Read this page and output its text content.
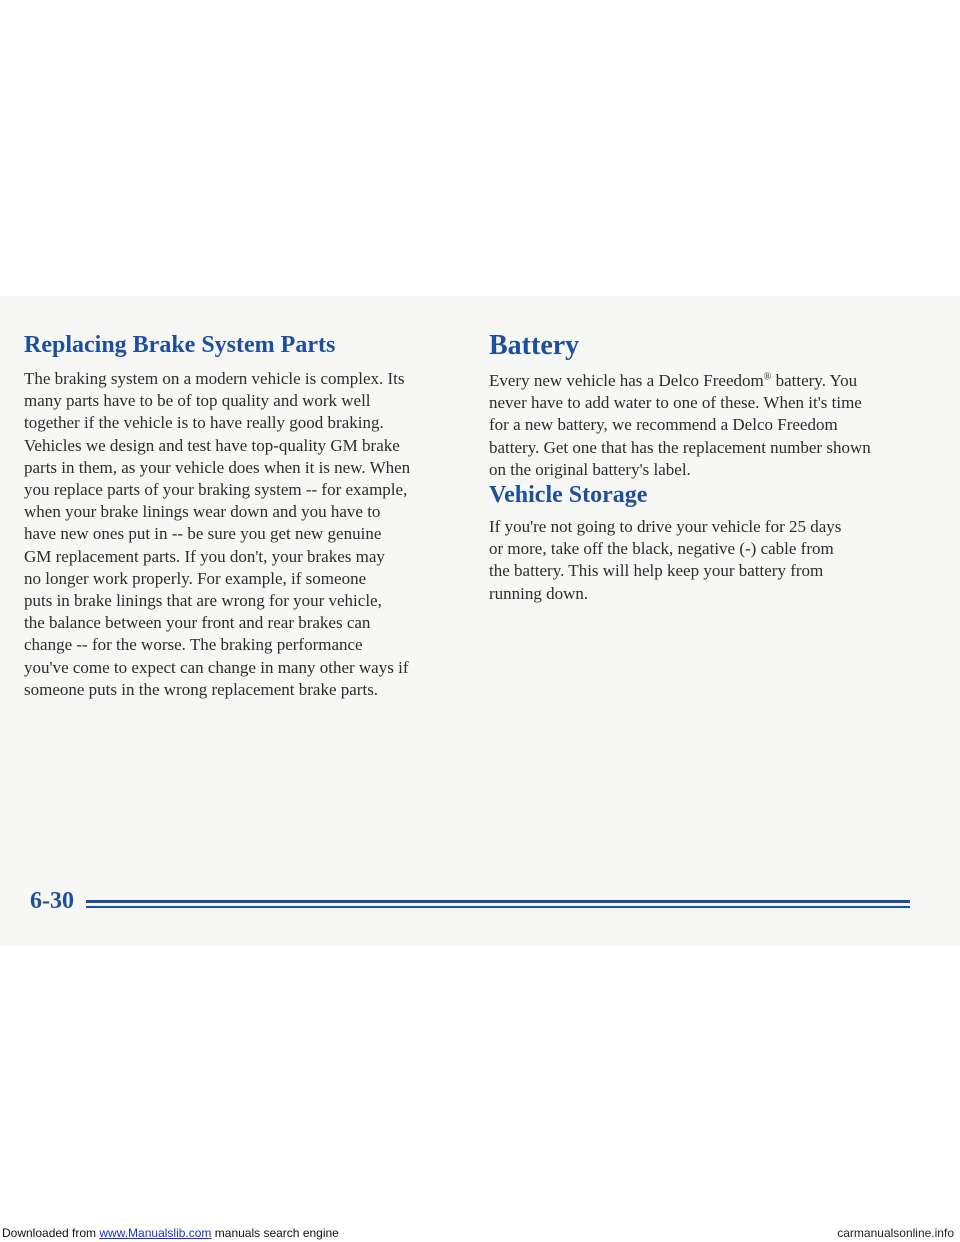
Replacing Brake System Parts

The braking system on a modern vehicle is complex. Its
many parts have to be of top quality and work well
together if the vehicle is to have really good braking.
Vehicles we design and test have top-quality GM brake
parts in them, as your vehicle does when it is new. When
you replace parts of your braking system -- for example,
when your brake linings wear down and you have to
have new ones put in -- be sure you get new genuine
GM replacement parts. If you don't, your brakes may
no longer work properly. For example, if someone
puts in brake linings that are wrong for your vehicle,
the balance between your front and rear brakes can
change -- for the worse. The braking performance
you've come to expect can change in many other ways if
someone puts in the wrong replacement brake parts.

Battery

Every new vehicle has a Delco Freedom® battery. You
never have to add water to one of these. When it's time
for a new battery, we recommend a Delco Freedom
battery. Get one that has the replacement number shown
on the original battery's label.

Vehicle Storage

If you're not going to drive your vehicle for 25 days
or more, take off the black, negative (-) cable from
the battery. This will help keep your battery from
running down.

6-30
Downloaded from www.Manualslib.com manuals search engine	carmanualsonline.info
